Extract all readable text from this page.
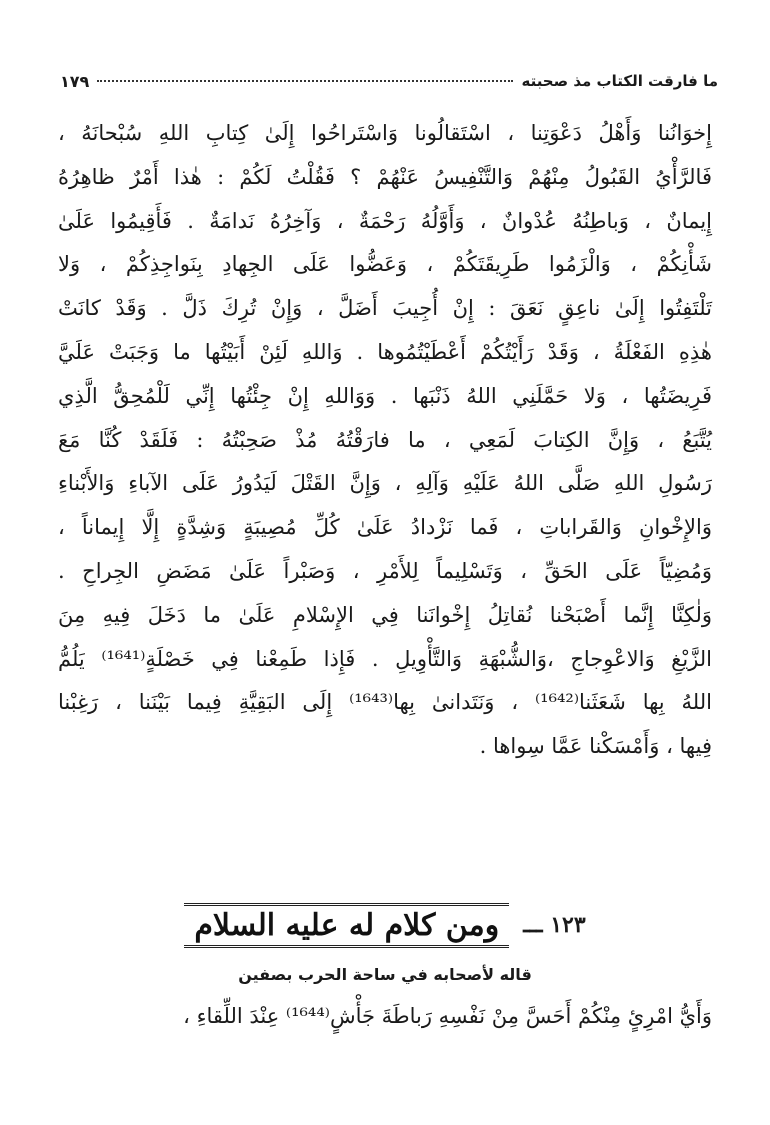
ما فارقت الكتاب مذ صحبته
١٧٩
إِخوَانُنا وَأَهْلُ دَعْوَتِنا ، اسْتَقالُونا وَاسْتَراحُوا إِلَىٰ كِتابِ اللهِ سُبْحانَهُ ،
فَالرَّأْيُ القَبُولُ مِنْهُمْ وَالتَّنْفِيسُ عَنْهُمْ ؟ فَقُلْتُ لَكُمْ : هٰذا أَمْرٌ ظاهِرُهُ
إِيمانٌ ، وَباطِنُهُ عُدْوانٌ ، وَأَوَّلُهُ رَحْمَةٌ ، وَآخِرُهُ نَدامَةٌ . فَأَقِيمُوا عَلَىٰ
شَأْنِكُمْ ، وَالْزَمُوا طَرِيقَتَكُمْ ، وَعَضُّوا عَلَى الجِهادِ بِنَواجِذِكُمْ ، وَلا
تَلْتَفِتُوا إِلَىٰ ناعِقٍ نَعَقَ : إِنْ أُجِيبَ أَضَلَّ ، وَإِنْ تُرِكَ ذَلَّ . وَقَدْ كانَتْ
هٰذِهِ الفَعْلَةُ ، وَقَدْ رَأَيْتُكُمْ أَعْطَيْتُمُوها . وَاللهِ لَئِنْ أَبَيْتُها ما وَجَبَتْ عَلَيَّ
فَرِيضَتُها ، وَلا حَمَّلَنِي اللهُ ذَنْبَها . وَوَاللهِ إِنْ جِئْتُها إِنِّي لَلْمُحِقُّ الَّذِي
يُتَّبَعُ ، وَإِنَّ الكِتابَ لَمَعِي ، ما فارَقْتُهُ مُذْ صَحِبْتُهُ : فَلَقَدْ كُنَّا مَعَ
رَسُولِ اللهِ صَلَّى اللهُ عَلَيْهِ وَآلِهِ ، وَإِنَّ القَتْلَ لَيَدُورُ عَلَى الآباءِ وَالأَبْناءِ
وَالإِخْوانِ وَالقَراباتِ ، فَما نَزْدادُ عَلَىٰ كُلِّ مُصِيبَةٍ وَشِدَّةٍ إِلَّا إِيماناً ،
وَمُضِيّاً عَلَى الحَقِّ ، وَتَسْلِيماً لِلأَمْرِ ، وَصَبْراً عَلَىٰ مَضَضِ الجِراحِ .
وَلٰكِنَّا إِنَّما أَصْبَحْنا نُقاتِلُ إِخْوانَنا فِي الإِسْلامِ عَلَىٰ ما دَخَلَ فِيهِ مِنَ
الزَّيْغِ وَالاعْوِجاجِ ،وَالشُّبْهَةِ وَالتَّأْوِيلِ . فَإِذا طَمِعْنا فِي خَصْلَةٍ⁽¹⁶⁴¹⁾ يَلُمُّ
اللهُ بِها شَعَثَنا⁽¹⁶⁴²⁾ ، وَنَتَدانىٰ بِها⁽¹⁶⁴³⁾ إِلَى البَقِيَّةِ فِيما بَيْنَنا ، رَغِبْنا
فِيها ، وَأَمْسَكْنا عَمَّا سِواها .
١٢٣ ـــ
ومن كلام له عليه السلام
قاله لأصحابه في ساحة الحرب بصفين
وَأَيُّ امْرِئٍ مِنْكُمْ أَحَسَّ مِنْ نَفْسِهِ رَباطَةَ جَأْشٍ⁽¹⁶⁴⁴⁾ عِنْدَ اللِّقاءِ ،
